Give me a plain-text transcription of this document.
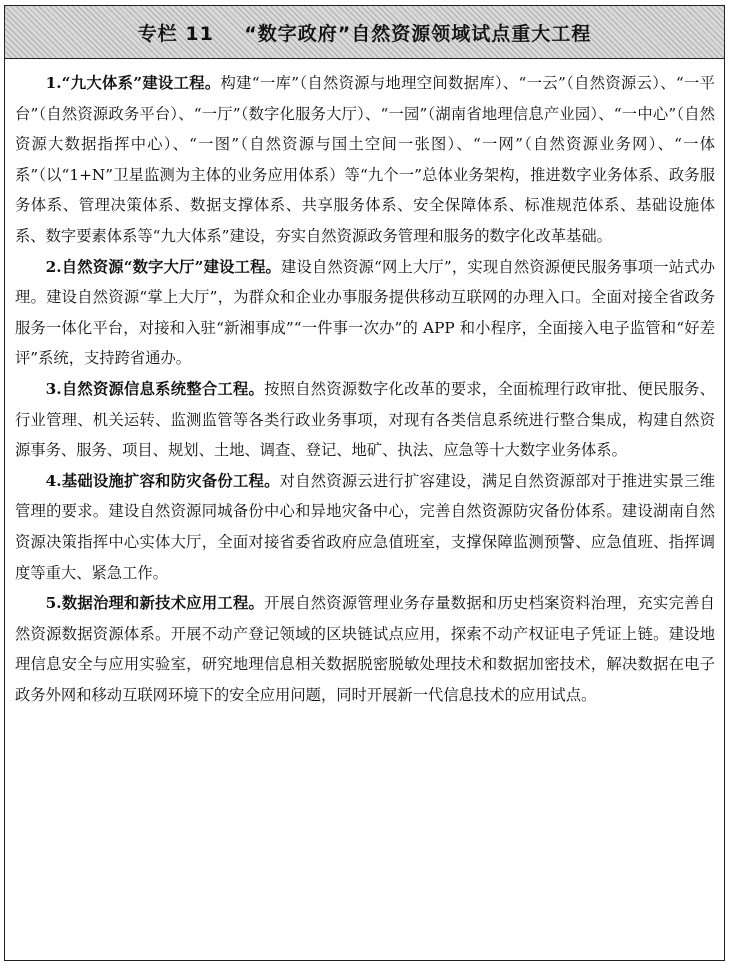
专栏 11    “数字政府”自然资源领域试点重大工程

1.“九大体系”建设工程。构建“一库”（自然资源与地理空间数据库）、“一云”（自然资源云）、“一平台”（自然资源政务平台）、“一厅”（数字化服务大厅）、“一园”（湖南省地理信息产业园）、“一中心”（自然资源大数据指挥中心）、“一图”（自然资源与国土空间一张图）、“一网”（自然资源业务网）、“一体系”（以“1+N”卫星监测为主体的业务应用体系）等“九个一”总体业务架构，推进数字业务体系、政务服务体系、管理决策体系、数据支撑体系、共享服务体系、安全保障体系、标准规范体系、基础设施体系、数字要素体系等“九大体系”建设，夯实自然资源政务管理和服务的数字化改革基础。

2.自然资源“数字大厅”建设工程。建设自然资源“网上大厅”，实现自然资源便民服务事项一站式办理。建设自然资源“掌上大厅”，为群众和企业办事服务提供移动互联网的办理入口。全面对接全省政务服务一体化平台，对接和入驻“新湘事成”“一件事一次办”的 APP 和小程序，全面接入电子监管和“好差评”系统，支持跨省通办。

3.自然资源信息系统整合工程。按照自然资源数字化改革的要求，全面梳理行政审批、便民服务、行业管理、机关运转、监测监管等各类行政业务事项，对现有各类信息系统进行整合集成，构建自然资源事务、服务、项目、规划、土地、调查、登记、地矿、执法、应急等十大数字业务体系。

4.基础设施扩容和防灾备份工程。对自然资源云进行扩容建设，满足自然资源部对于推进实景三维管理的要求。建设自然资源同城备份中心和异地灾备中心，完善自然资源防灾备份体系。建设湖南自然资源决策指挥中心实体大厅，全面对接省委省政府应急值班室，支撑保障监测预警、应急值班、指挥调度等重大、紧急工作。

5.数据治理和新技术应用工程。开展自然资源管理业务存量数据和历史档案资料治理，充实完善自然资源数据资源体系。开展不动产登记领域的区块链试点应用，探索不动产权证电子凭证上链。建设地理信息安全与应用实验室，研究地理信息相关数据脱密脱敏处理技术和数据加密技术，解决数据在电子政务外网和移动互联网环境下的安全应用问题，同时开展新一代信息技术的应用试点。
